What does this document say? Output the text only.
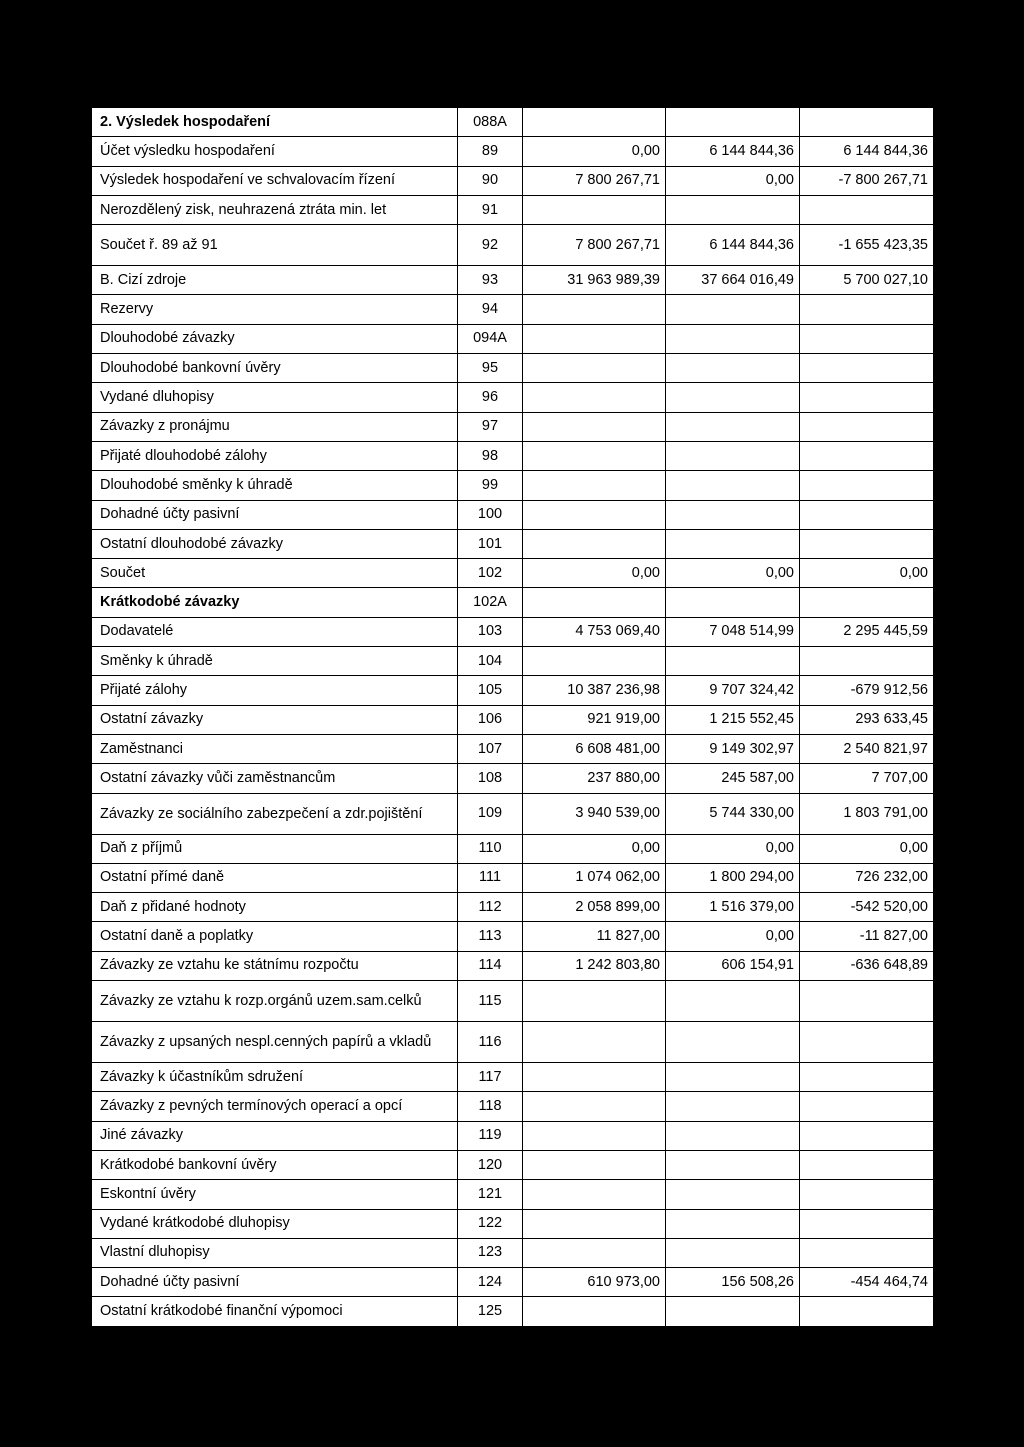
2. Výsledek hospodaření	088A			
Účet výsledku hospodaření	89	0,00	6 144 844,36	6 144 844,36
Výsledek hospodaření ve schvalovacím řízení	90	7 800 267,71	0,00	-7 800 267,71
Nerozdělený zisk, neuhrazená ztráta min. let	91			
Součet ř. 89 až 91	92	7 800 267,71	6 144 844,36	-1 655 423,35
B. Cizí zdroje	93	31 963 989,39	37 664 016,49	5 700 027,10
Rezervy	94			
Dlouhodobé závazky	094A			
Dlouhodobé bankovní úvěry	95			
Vydané dluhopisy	96			
Závazky z pronájmu	97			
Přijaté dlouhodobé zálohy	98			
Dlouhodobé směnky k úhradě	99			
Dohadné účty pasivní	100			
Ostatní dlouhodobé závazky	101			
Součet	102	0,00	0,00	0,00
Krátkodobé závazky	102A			
Dodavatelé	103	4 753 069,40	7 048 514,99	2 295 445,59
Směnky k úhradě	104			
Přijaté zálohy	105	10 387 236,98	9 707 324,42	-679 912,56
Ostatní závazky	106	921 919,00	1 215 552,45	293 633,45
Zaměstnanci	107	6 608 481,00	9 149 302,97	2 540 821,97
Ostatní závazky vůči zaměstnancům	108	237 880,00	245 587,00	7 707,00
Závazky ze sociálního zabezpečení a zdr.pojištění	109	3 940 539,00	5 744 330,00	1 803 791,00
Daň z příjmů	110	0,00	0,00	0,00
Ostatní přímé daně	111	1 074 062,00	1 800 294,00	726 232,00
Daň z přidané hodnoty	112	2 058 899,00	1 516 379,00	-542 520,00
Ostatní daně a poplatky	113	11 827,00	0,00	-11 827,00
Závazky ze vztahu ke státnímu rozpočtu	114	1 242 803,80	606 154,91	-636 648,89
Závazky ze vztahu k rozp.orgánů uzem.sam.celků	115			
Závazky z upsaných nespl.cenných papírů a vkladů	116			
Závazky k účastníkům sdružení	117			
Závazky z pevných termínových operací a opcí	118			
Jiné závazky	119			
Krátkodobé bankovní úvěry	120			
Eskontní úvěry	121			
Vydané krátkodobé dluhopisy	122			
Vlastní dluhopisy	123			
Dohadné účty pasivní	124	610 973,00	156 508,26	-454 464,74
Ostatní krátkodobé finanční výpomoci	125			
7
